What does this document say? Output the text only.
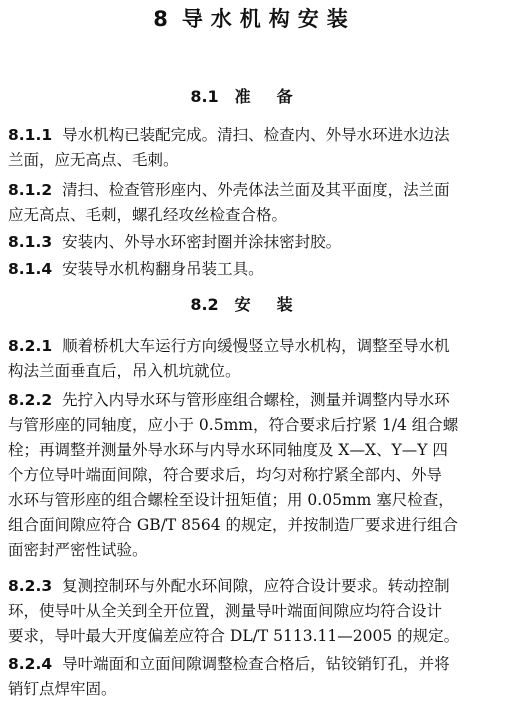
8 导水机构安装
8.1 准备
8.1.1 导水机构已装配完成。清扫、检查内、外导水环进水边法
兰面，应无高点、毛刺。
8.1.2 清扫、检查管形座内、外壳体法兰面及其平面度，法兰面
应无高点、毛刺，螺孔经攻丝检查合格。
8.1.3 安装内、外导水环密封圈并涂抹密封胶。
8.1.4 安装导水机构翻身吊装工具。
8.2 安装
8.2.1 顺着桥机大车运行方向缓慢竖立导水机构，调整至导水机
构法兰面垂直后，吊入机坑就位。
8.2.2 先拧入内导水环与管形座组合螺栓，测量并调整内导水环
与管形座的同轴度，应小于 0.5mm，符合要求后拧紧 1/4 组合螺
栓；再调整并测量外导水环与内导水环同轴度及 X—X、Y—Y 四
个方位导叶端面间隙，符合要求后，均匀对称拧紧全部内、外导
水环与管形座的组合螺栓至设计扭矩值；用 0.05mm 塞尺检查，
组合面间隙应符合 GB/T 8564 的规定，并按制造厂要求进行组合
面密封严密性试验。
8.2.3 复测控制环与外配水环间隙，应符合设计要求。转动控制
环，使导叶从全关到全开位置，测量导叶端面间隙应均符合设计
要求，导叶最大开度偏差应符合 DL/T 5113.11—2005 的规定。
8.2.4 导叶端面和立面间隙调整检查合格后，钻铰销钉孔，并将
销钉点焊牢固。
